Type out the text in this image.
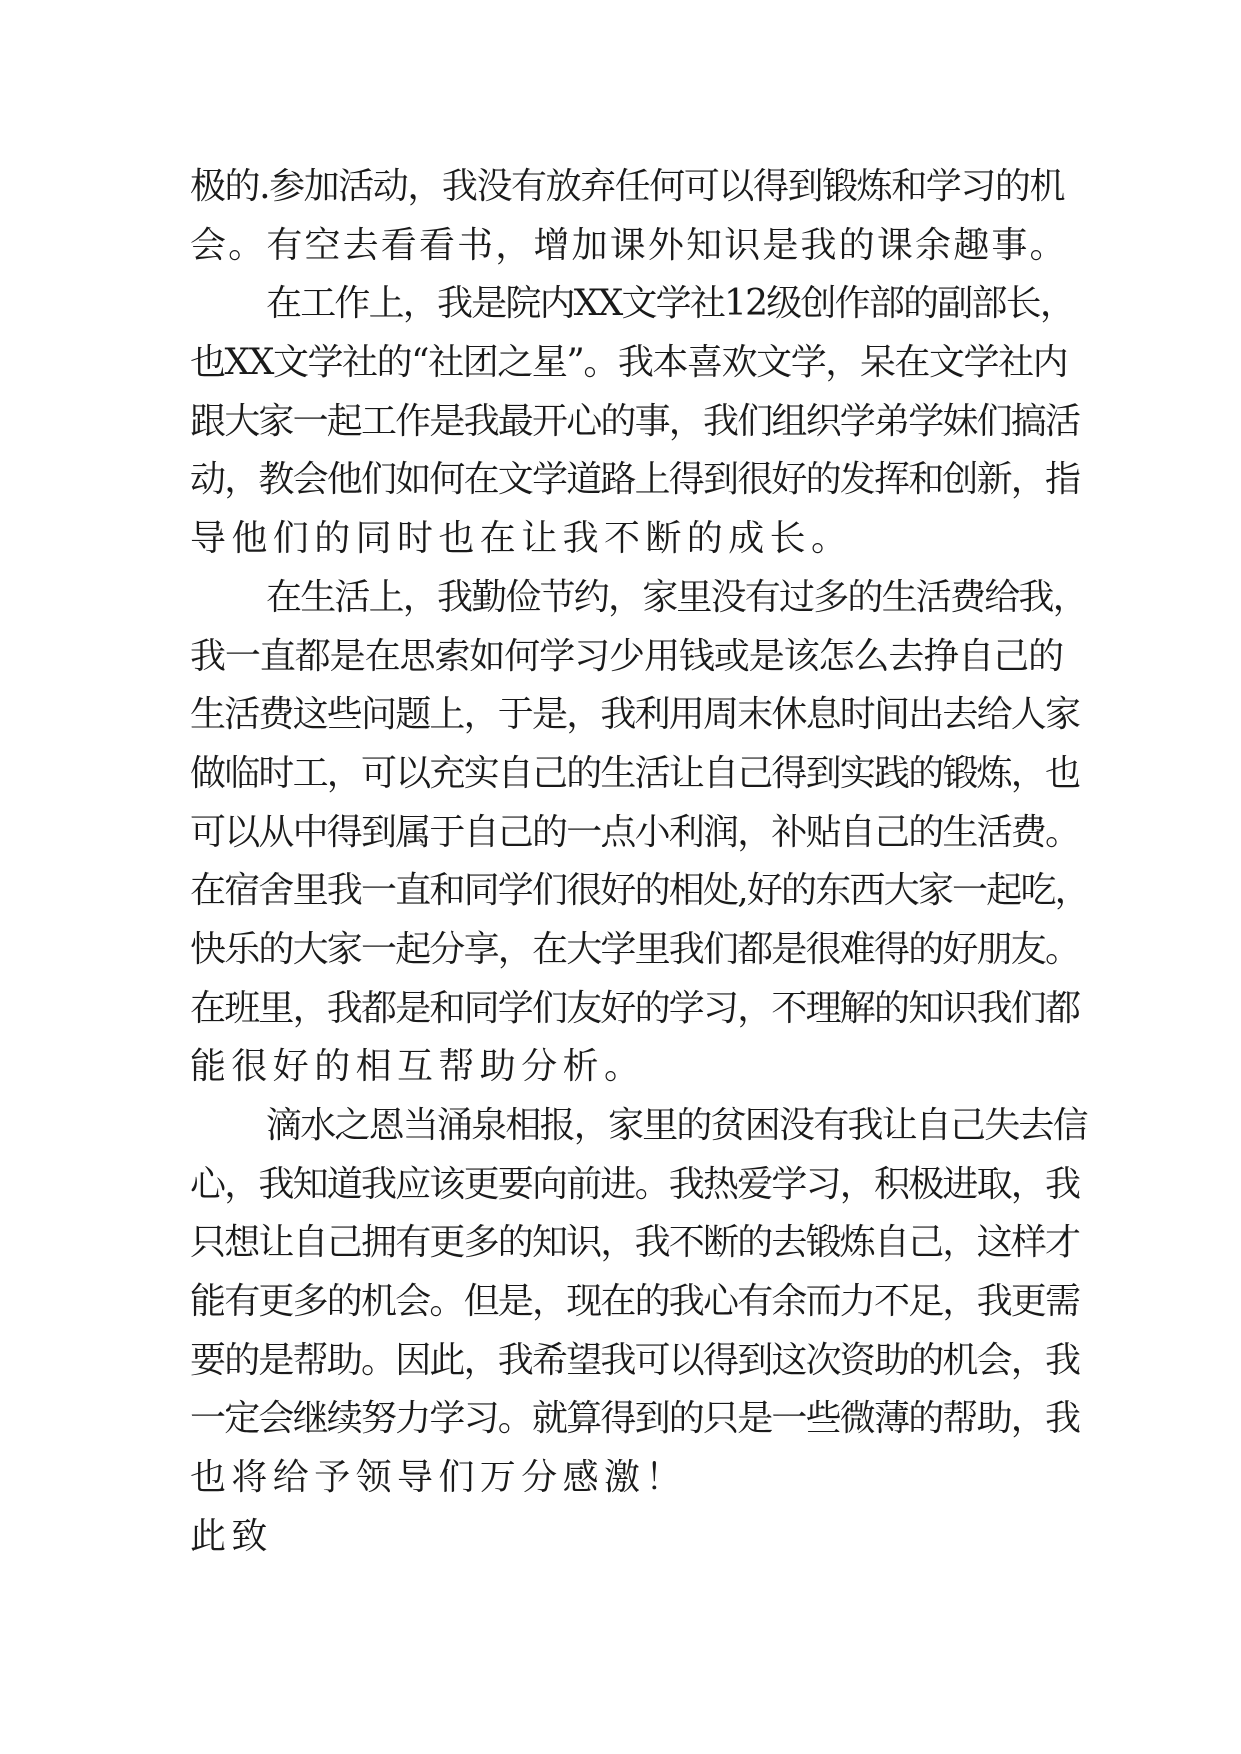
极的.参加活动，我没有放弃任何可以得到锻炼和学习的机
会。有空去看看书，增加课外知识是我的课余趣事。
在工作上，我是院内XX文学社12级创作部的副部长，
也XX文学社的“社团之星”。我本喜欢文学，呆在文学社内
跟大家一起工作是我最开心的事，我们组织学弟学妹们搞活
动，教会他们如何在文学道路上得到很好的发挥和创新，指
导他们的同时也在让我不断的成长。
在生活上，我勤俭节约，家里没有过多的生活费给我，
我一直都是在思索如何学习少用钱或是该怎么去挣自己的
生活费这些问题上，于是，我利用周末休息时间出去给人家
做临时工，可以充实自己的生活让自己得到实践的锻炼，也
可以从中得到属于自己的一点小利润，补贴自己的生活费。
在宿舍里我一直和同学们很好的相处,好的东西大家一起吃，
快乐的大家一起分享，在大学里我们都是很难得的好朋友。
在班里，我都是和同学们友好的学习，不理解的知识我们都
能很好的相互帮助分析。
滴水之恩当涌泉相报，家里的贫困没有我让自己失去信
心，我知道我应该更要向前进。我热爱学习，积极进取，我
只想让自己拥有更多的知识，我不断的去锻炼自己，这样才
能有更多的机会。但是，现在的我心有余而力不足，我更需
要的是帮助。因此，我希望我可以得到这次资助的机会，我
一定会继续努力学习。就算得到的只是一些微薄的帮助，我
也将给予领导们万分感激！
此致
